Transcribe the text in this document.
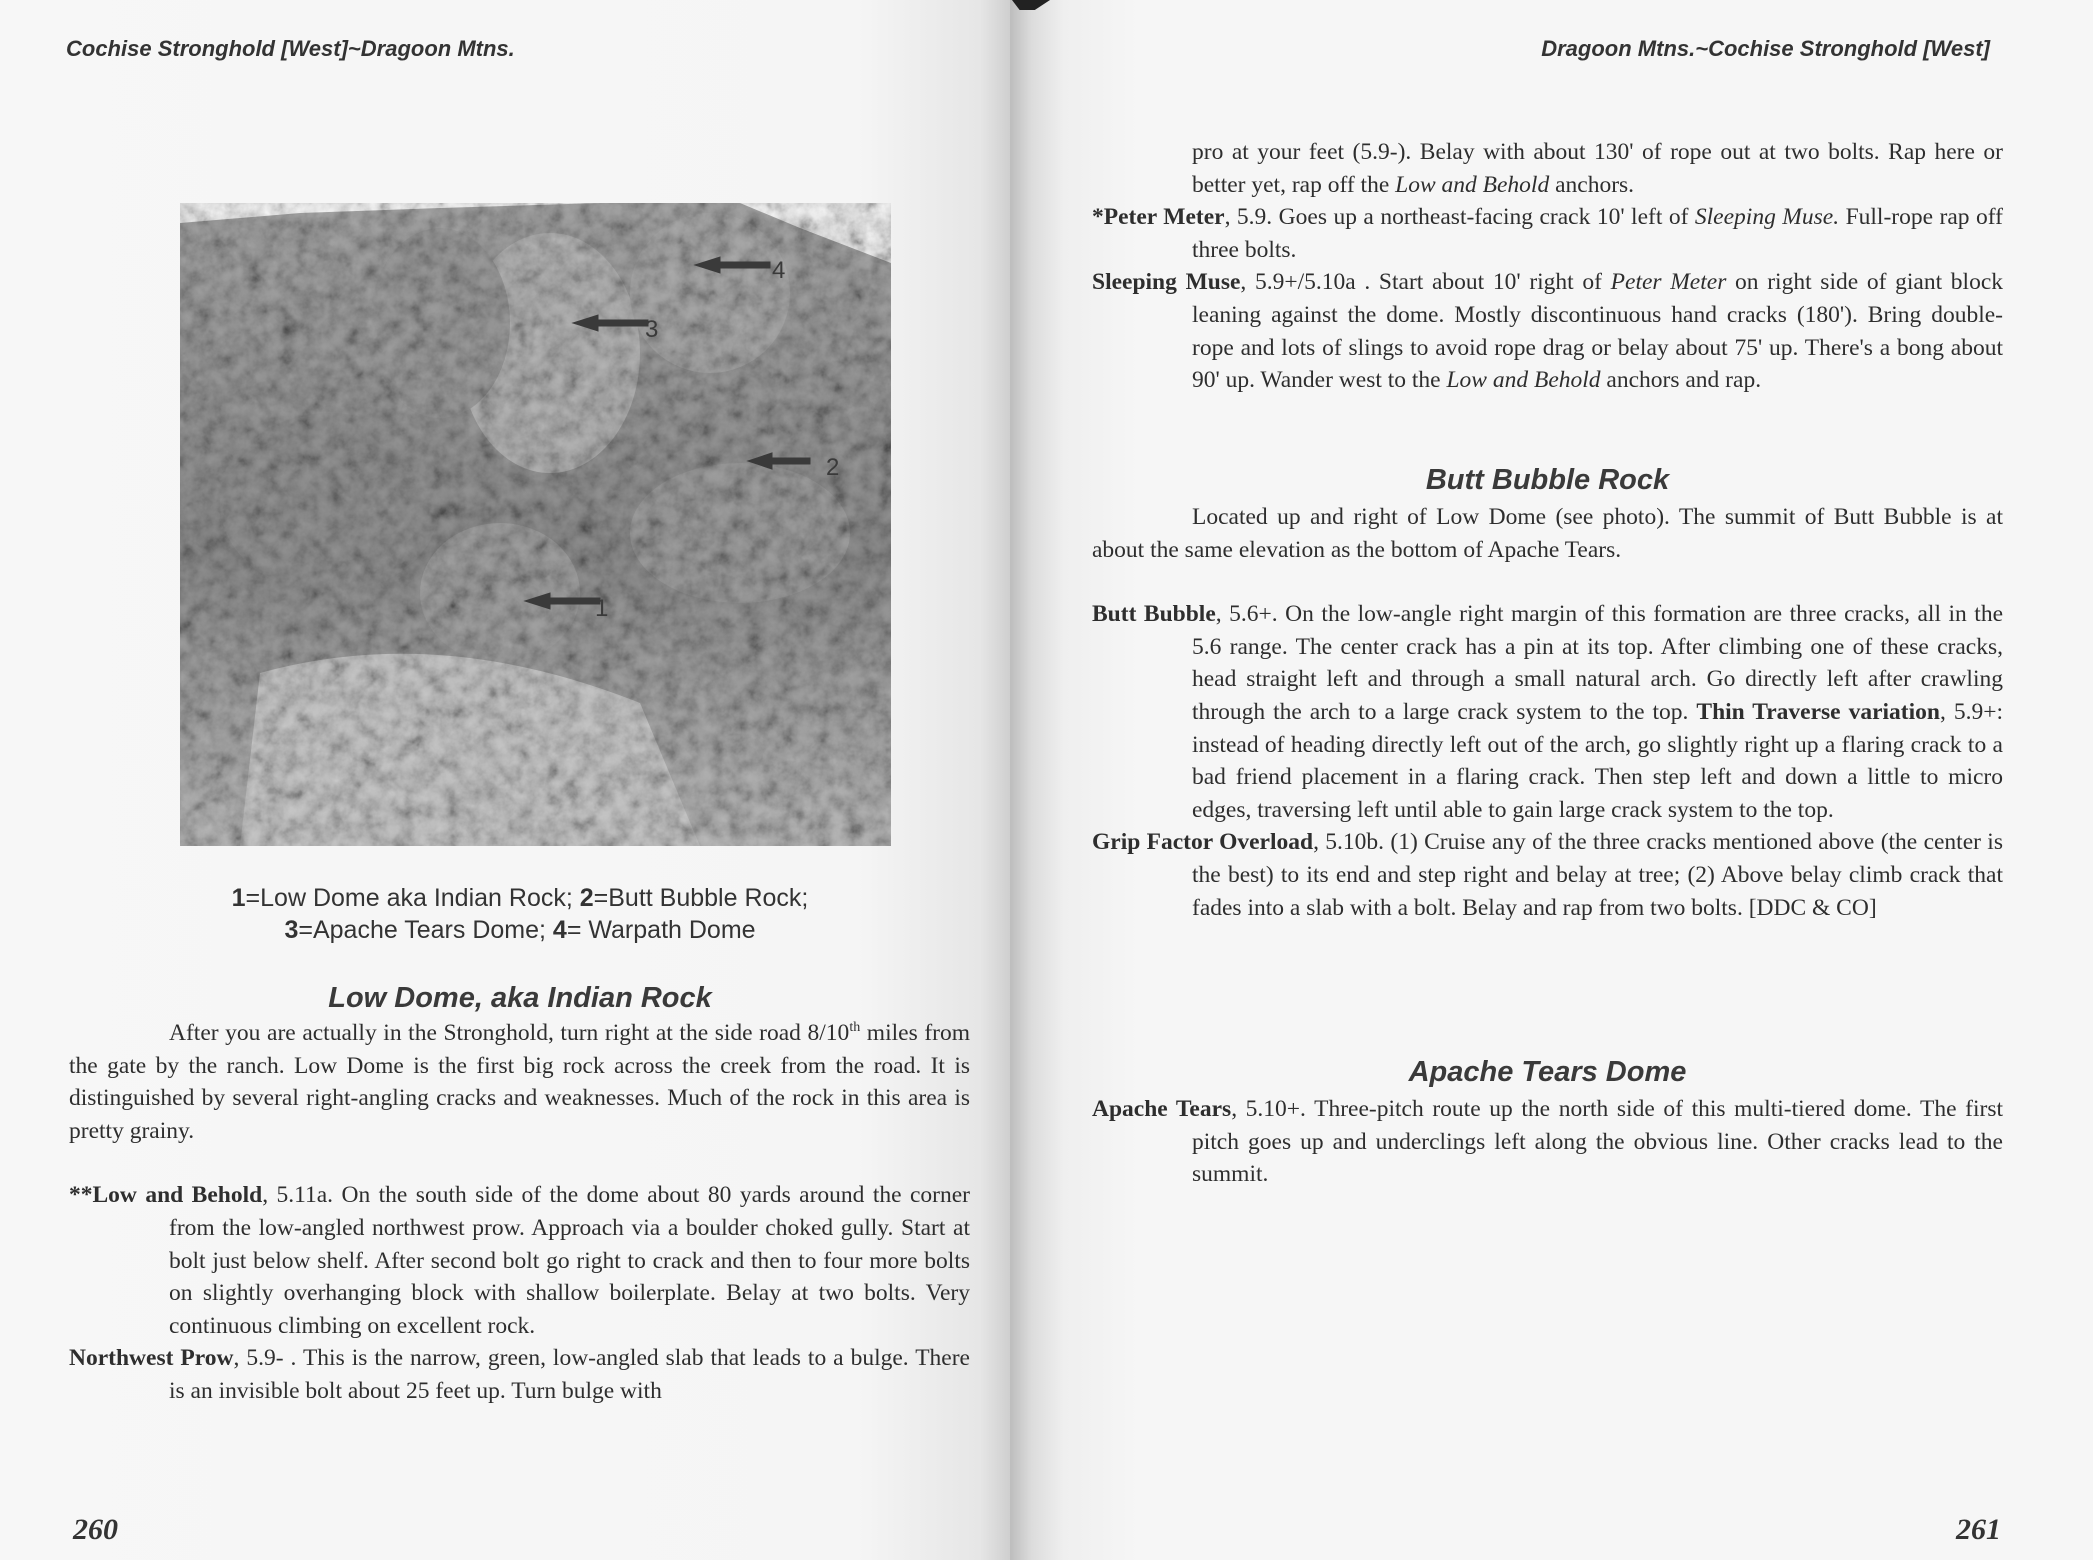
Cochise Stronghold [West]~Dragoon Mtns.
1
2
3
4
1=Low Dome aka Indian Rock; 2=Butt Bubble Rock;
3=Apache Tears Dome; 4= Warpath Dome
Low Dome, aka Indian Rock

After you are actually in the Stronghold, turn right at the side road 8/10th miles from the gate by the ranch. Low Dome is the first big rock across the creek from the road. It is distinguished by several right-angling cracks and weaknesses. Much of the rock in this area is pretty grainy.

**Low and Behold, 5.11a. On the south side of the dome about 80 yards around the corner from the low-angled northwest prow. Approach via a boulder choked gully. Start at bolt just below shelf. After second bolt go right to crack and then to four more bolts on slightly overhanging block with shallow boilerplate. Belay at two bolts. Very continuous climbing on excellent rock.

Northwest Prow, 5.9- . This is the narrow, green, low-angled slab that leads to a bulge. There is an invisible bolt about 25 feet up. Turn bulge with

260
Dragoon Mtns.~Cochise Stronghold [West]

pro at your feet (5.9-). Belay with about 130' of rope out at two bolts. Rap here or better yet, rap off the Low and Behold anchors.

*Peter Meter, 5.9. Goes up a northeast-facing crack 10' left of Sleeping Muse. Full-rope rap off three bolts.

Sleeping Muse, 5.9+/5.10a . Start about 10' right of Peter Meter on right side of giant block leaning against the dome. Mostly discontinuous hand cracks (180'). Bring double-rope and lots of slings to avoid rope drag or belay about 75' up. There's a bong about 90' up. Wander west to the Low and Behold anchors and rap.

Butt Bubble Rock

Located up and right of Low Dome (see photo). The summit of Butt Bubble is at about the same elevation as the bottom of Apache Tears.

Butt Bubble, 5.6+. On the low-angle right margin of this formation are three cracks, all in the 5.6 range. The center crack has a pin at its top. After climbing one of these cracks, head straight left and through a small natural arch. Go directly left after crawling through the arch to a large crack system to the top. Thin Traverse variation, 5.9+: instead of heading directly left out of the arch, go slightly right up a flaring crack to a bad friend placement in a flaring crack. Then step left and down a little to micro edges, traversing left until able to gain large crack system to the top.

Grip Factor Overload, 5.10b. (1) Cruise any of the three cracks mentioned above (the center is the best) to its end and step right and belay at tree; (2) Above belay climb crack that fades into a slab with a bolt. Belay and rap from two bolts. [DDC & CO]

Apache Tears Dome

Apache Tears, 5.10+. Three-pitch route up the north side of this multi-tiered dome. The first pitch goes up and underclings left along the obvious line. Other cracks lead to the summit.

261
